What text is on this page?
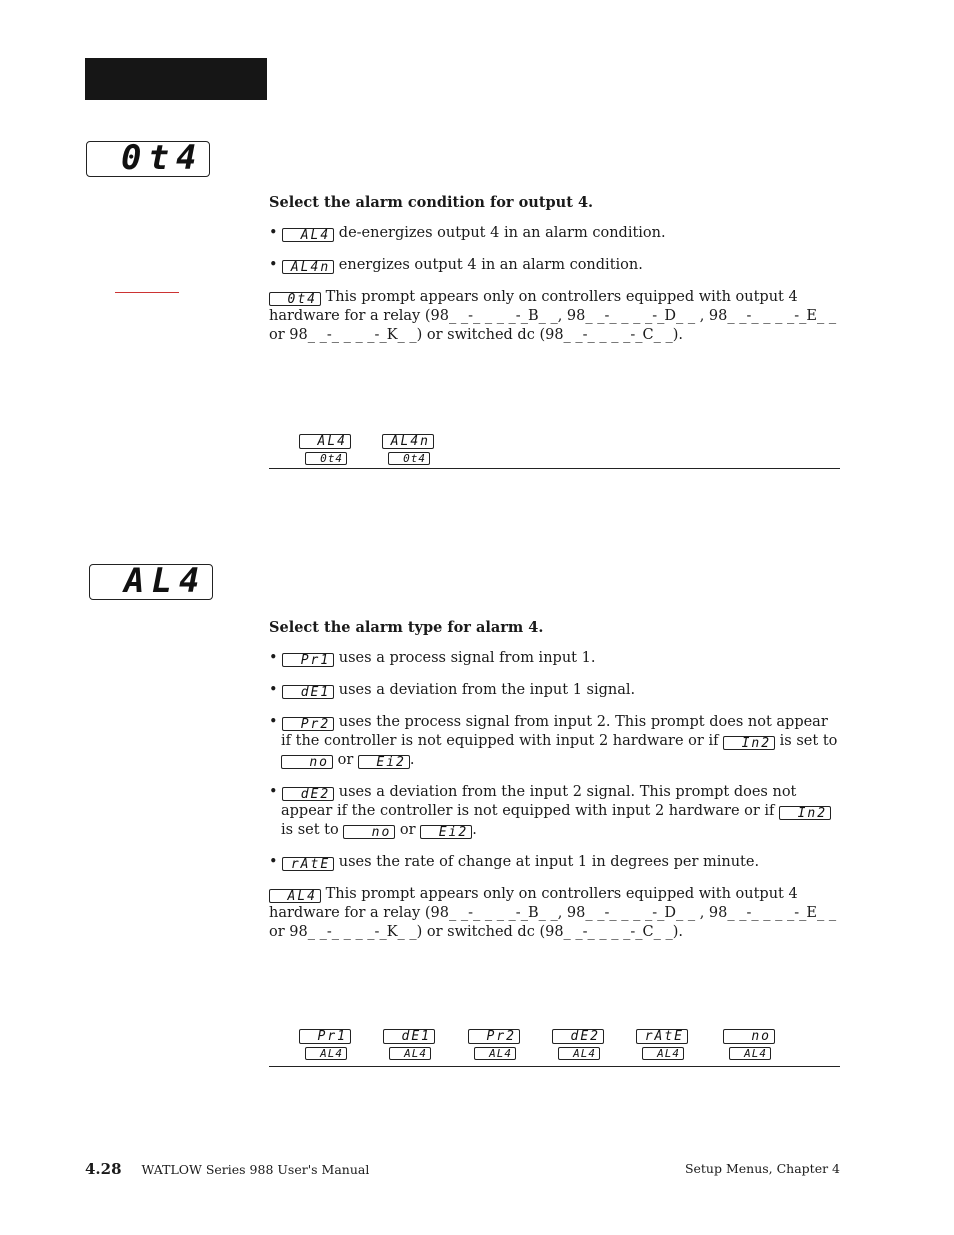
0t4
Select the alarm condition for output 4.
• AL4 de-energizes output 4 in an alarm condition.
• AL4n energizes output 4 in an alarm condition.
0t4 This prompt appears only on controllers equipped with output 4 hardware for a relay (98_ _-_ _ _ _-_B_ _, 98_ _-_ _ _ _-_D_ _ , 98_ _-_ _ _ _-_E_ _ or 98_ _-_ _ _ _-_K_ _) or switched dc (98_ _-_ _ _ _-_C_ _).
AL4
0t4
AL4n
0t4
AL4
Select the alarm type for alarm 4.
• Pr1 uses a process signal from input 1.
• dE1 uses a deviation from the input 1 signal.
• Pr2 uses the process signal from input 2. This prompt does not appear if the controller is not equipped with input 2 hardware or if In2 is set to no or Ei2 .
• dE2 uses a deviation from the input 2 signal. This prompt does not appear if the controller is not equipped with input 2 hardware or if In2 is set to	no or Ei2 .
• rAtE uses the rate of change at input 1 in degrees per minute.
AL4 This prompt appears only on controllers equipped with output 4 hardware for a relay (98_ _-_ _ _ _-_B_ _, 98_ _-_ _ _ _-_D_ _ , 98_ _-_ _ _ _-_E_ _ or 98_ _-_ _ _ _-_K_ _) or switched dc (98_ _-_ _ _ _-_C_ _).
Pr1
AL4
dE1
AL4
Pr2
AL4
dE2
AL4
rAtE
AL4
no
AL4
4.28 WATLOW Series 988 User's Manual	Setup Menus, Chapter 4
